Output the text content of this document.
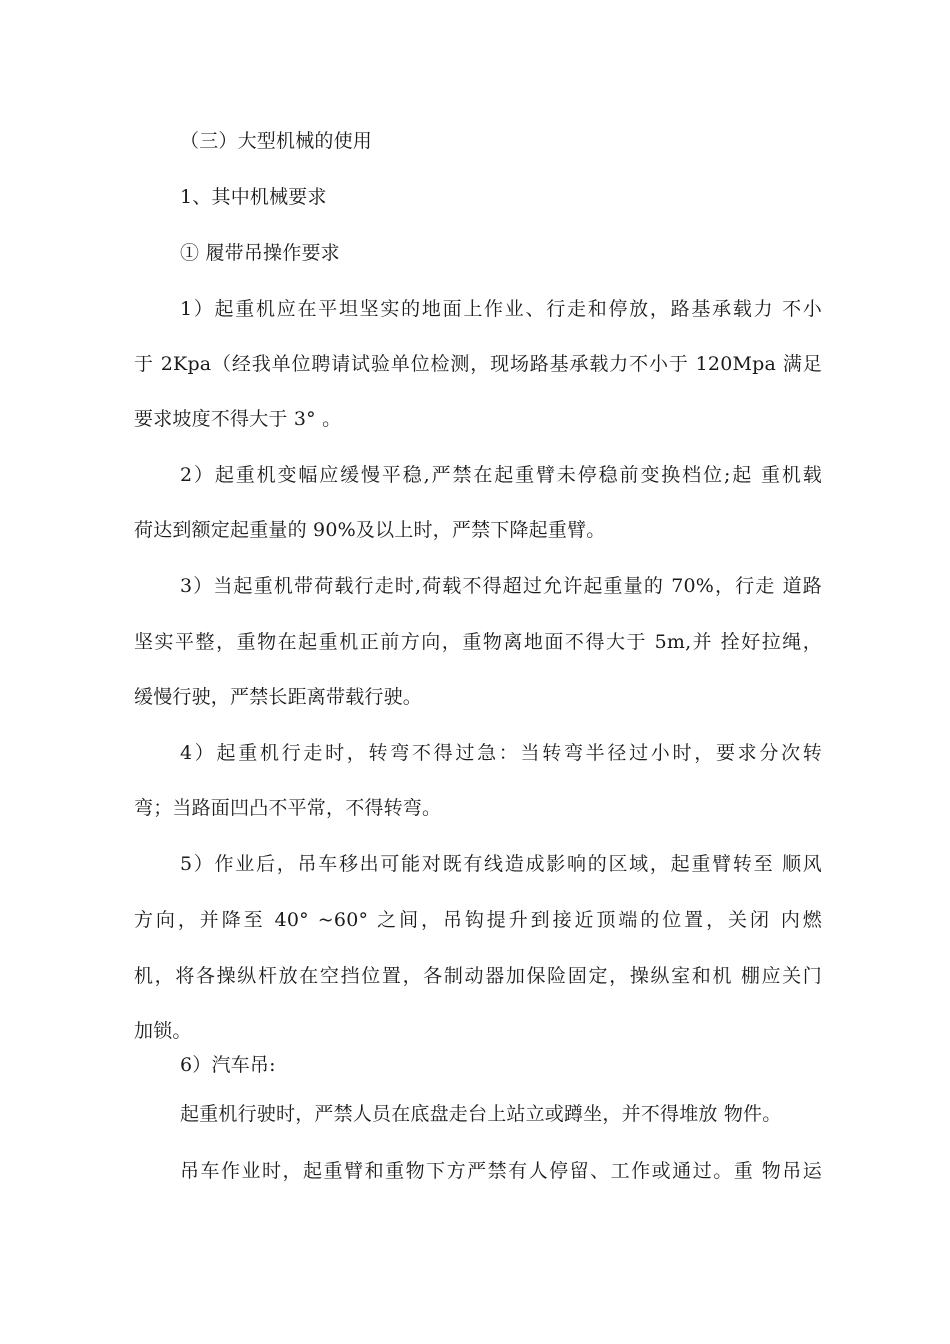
（三）大型机械的使用
1、其中机械要求
① 履带吊操作要求
1）起重机应在平坦坚实的地面上作业、行走和停放，路基承载力 不小
于 2Kpa（经我单位聘请试验单位检测，现场路基承载力不小于 120Mpa 满足
要求坡度不得大于 3° 。
2）起重机变幅应缓慢平稳,严禁在起重臂未停稳前变换档位;起 重机载
荷达到额定起重量的 90%及以上时，严禁下降起重臂。
3）当起重机带荷载行走时,荷载不得超过允许起重量的 70%，行走 道路
坚实平整，重物在起重机正前方向，重物离地面不得大于 5m,并 拴好拉绳，
缓慢行驶，严禁长距离带载行驶。
4）起重机行走时，转弯不得过急：当转弯半径过小时，要求分次转
弯；当路面凹凸不平常，不得转弯。
5）作业后，吊车移出可能对既有线造成影响的区域，起重臂转至 顺风
方向，并降至 40° ~60° 之间，吊钩提升到接近顶端的位置，关闭 内燃
机，将各操纵杆放在空挡位置，各制动器加保险固定，操纵室和机 棚应关门
加锁。
6）汽车吊:
起重机行驶时，严禁人员在底盘走台上站立或蹲坐，并不得堆放 物件。
吊车作业时，起重臂和重物下方严禁有人停留、工作或通过。重 物吊运
